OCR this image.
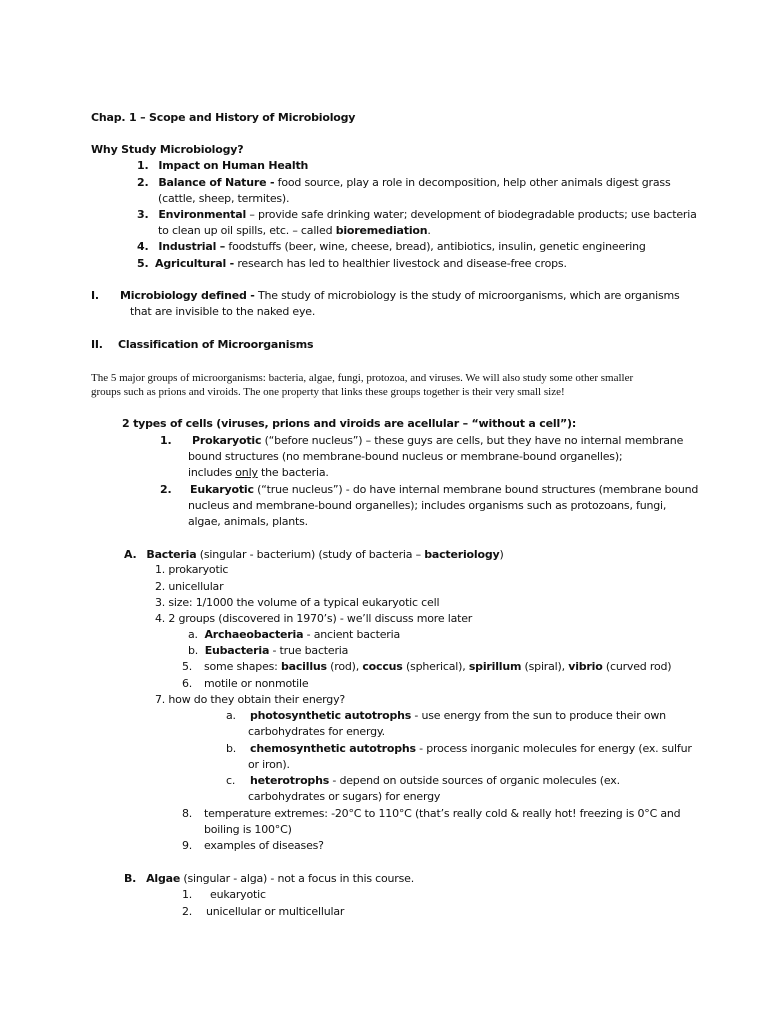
Chap. 1 – Scope and History of Microbiology
Why Study Microbiology?
1. Impact on Human Health
2. Balance of Nature - food source, play a role in decomposition, help other animals digest grass
(cattle, sheep, termites).
3. Environmental – provide safe drinking water; development of biodegradable products; use bacteria
to clean up oil spills, etc. – called bioremediation.
4. Industrial – foodstuffs (beer, wine, cheese, bread), antibiotics, insulin, genetic engineering
5. Agricultural - research has led to healthier livestock and disease-free crops.
I. Microbiology defined - The study of microbiology is the study of microorganisms, which are organisms
that are invisible to the naked eye.
II. Classification of Microorganisms
The 5 major groups of microorganisms: bacteria, algae, fungi, protozoa, and viruses. We will also study some other smaller
groups such as prions and viroids. The one property that links these groups together is their very small size!
2 types of cells (viruses, prions and viroids are acellular – “without a cell”):
1. Prokaryotic (“before nucleus”) – these guys are cells, but they have no internal membrane
bound structures (no membrane-bound nucleus or membrane-bound organelles);
includes only the bacteria.
2. Eukaryotic (“true nucleus”) - do have internal membrane bound structures (membrane bound
nucleus and membrane-bound organelles); includes organisms such as protozoans, fungi,
algae, animals, plants.
A. Bacteria (singular - bacterium) (study of bacteria – bacteriology)
1. prokaryotic
2. unicellular
3. size: 1/1000 the volume of a typical eukaryotic cell
4. 2 groups (discovered in 1970’s) - we’ll discuss more later
a. Archaeobacteria - ancient bacteria
b. Eubacteria - true bacteria
5. some shapes: bacillus (rod), coccus (spherical), spirillum (spiral), vibrio (curved rod)
6. motile or nonmotile
7. how do they obtain their energy?
a. photosynthetic autotrophs - use energy from the sun to produce their own
carbohydrates for energy.
b. chemosynthetic autotrophs - process inorganic molecules for energy (ex. sulfur
or iron).
c. heterotrophs - depend on outside sources of organic molecules (ex.
carbohydrates or sugars) for energy
8. temperature extremes: -20°C to 110°C (that’s really cold & really hot! freezing is 0°C and
boiling is 100°C)
9. examples of diseases?
B. Algae (singular - alga) - not a focus in this course.
1. eukaryotic
2. unicellular or multicellular
